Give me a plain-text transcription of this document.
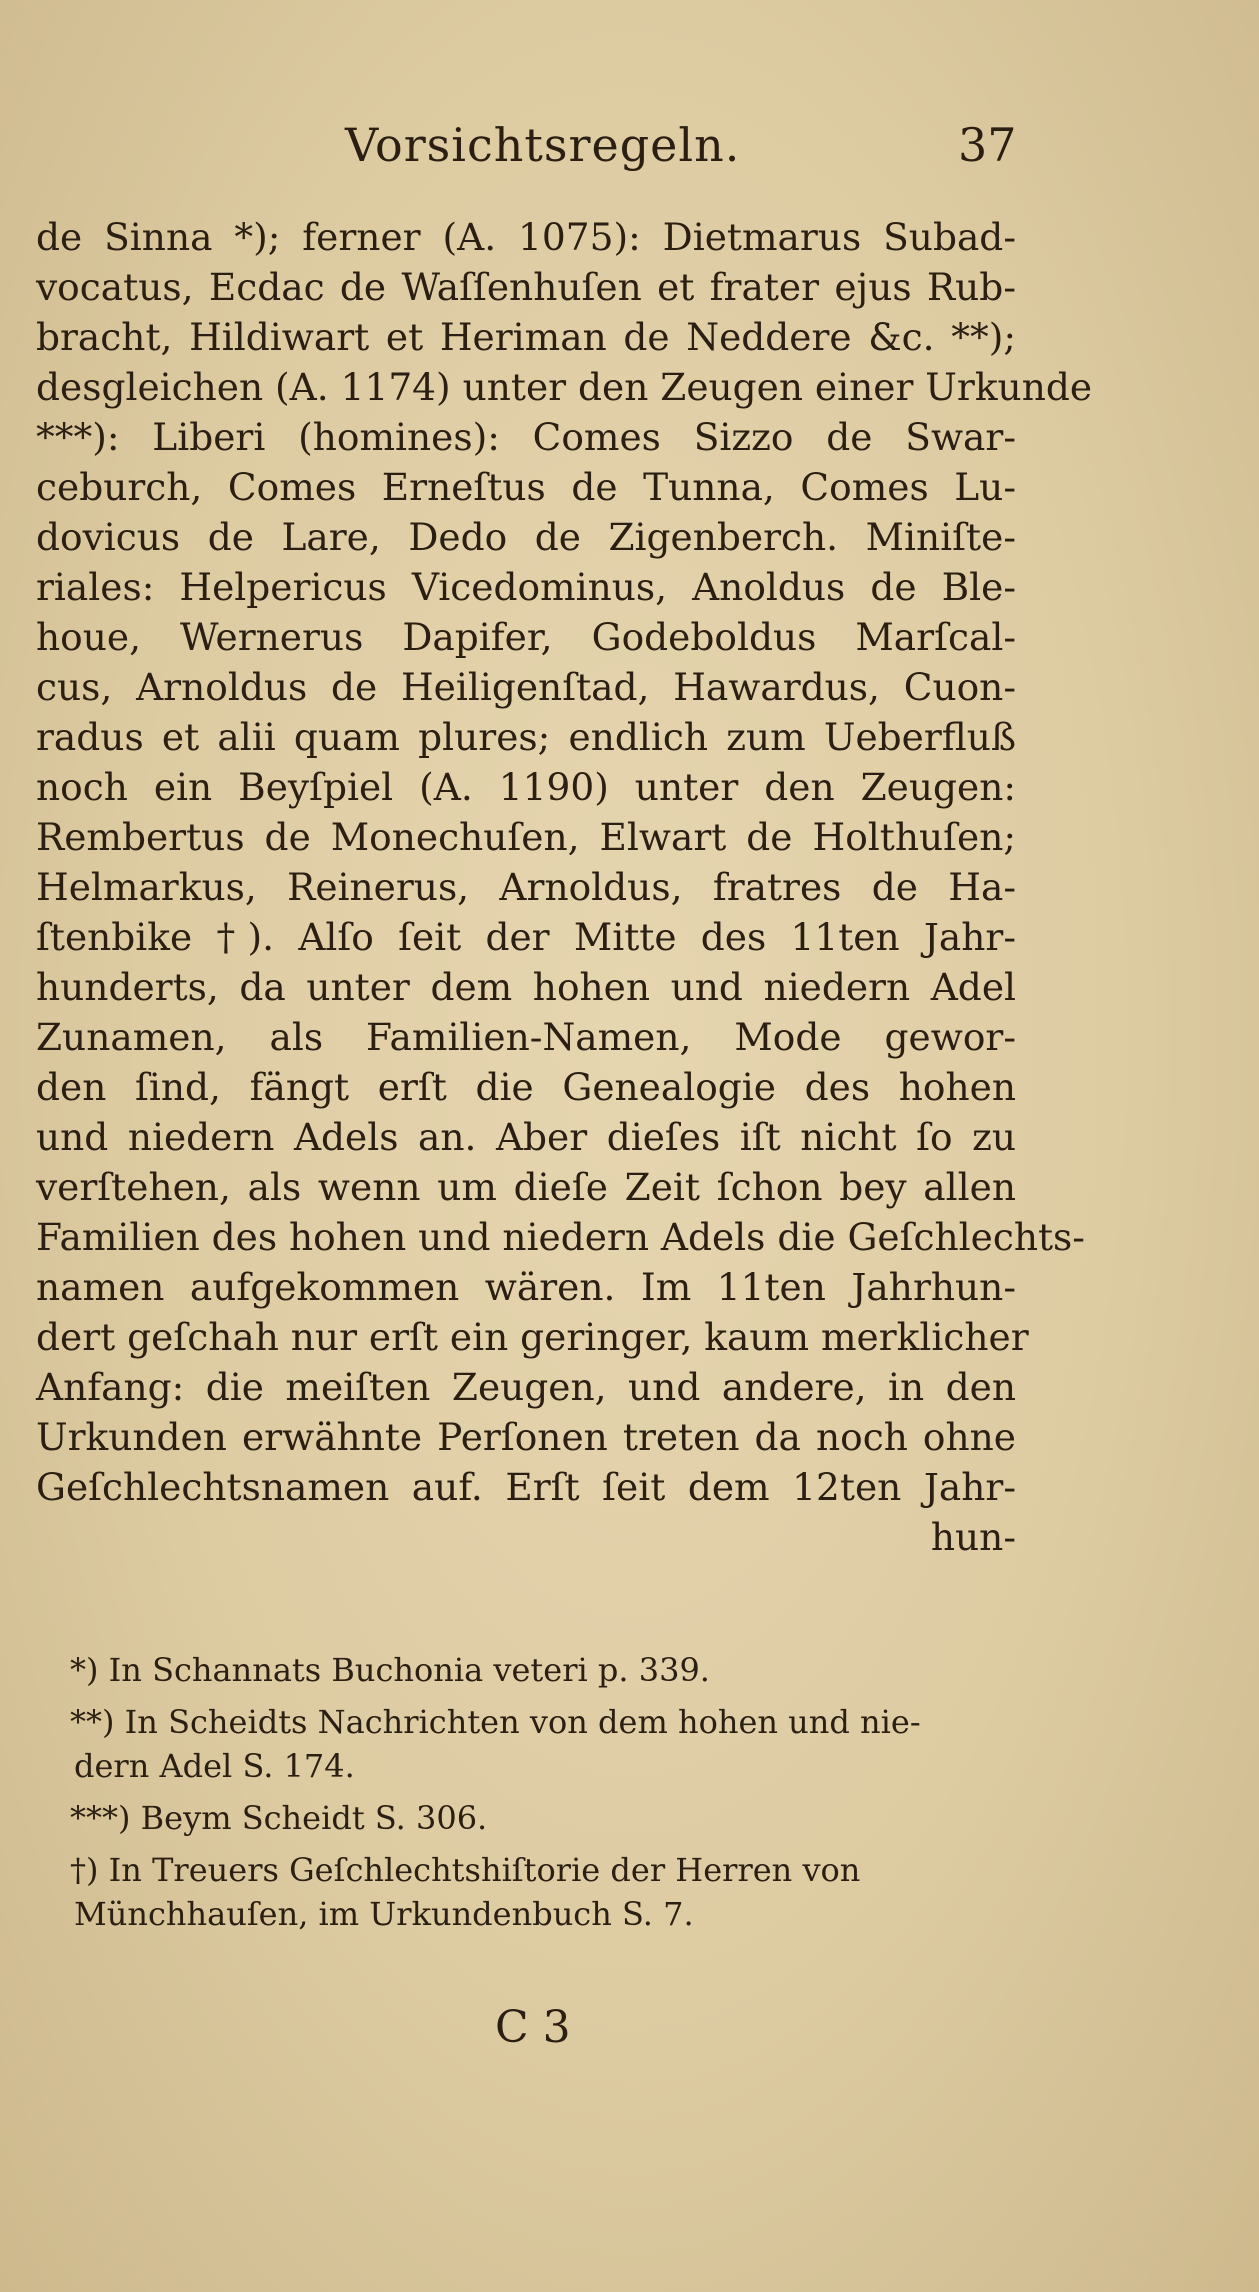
Vorsichtsregeln.	37
de Sinna *); ferner (A. 1075): Dietmarus Subad-
vocatus, Ecdac de Waſſenhuſen et frater ejus Rub-
bracht, Hildiwart et Heriman de Neddere &c. **);
desgleichen (A. 1174) unter den Zeugen einer Urkunde
***): Liberi (homines): Comes Sizzo de Swar-
ceburch, Comes Erneſtus de Tunna, Comes Lu-
dovicus de Lare, Dedo de Zigenberch. Miniſte-
riales: Helpericus Vicedominus, Anoldus de Ble-
houe, Wernerus Dapifer, Godeboldus Marſcal-
cus, Arnoldus de Heiligenſtad, Hawardus, Cuon-
radus et alii quam plures; endlich zum Ueberfluß
noch ein Beyſpiel (A. 1190) unter den Zeugen:
Rembertus de Monechuſen, Elwart de Holthuſen;
Helmarkus, Reinerus, Arnoldus, fratres de Ha-
ſtenbike †). Alſo ſeit der Mitte des 11ten Jahr-
hunderts, da unter dem hohen und niedern Adel
Zunamen, als Familien-Namen, Mode gewor-
den ſind, fängt erſt die Genealogie des hohen
und niedern Adels an. Aber dieſes iſt nicht ſo zu
verſtehen, als wenn um dieſe Zeit ſchon bey allen
Familien des hohen und niedern Adels die Geſchlechts-
namen aufgekommen wären. Im 11ten Jahrhun-
dert geſchah nur erſt ein geringer, kaum merklicher
Anfang: die meiſten Zeugen, und andere, in den
Urkunden erwähnte Perſonen treten da noch ohne
Geſchlechtsnamen auf. Erſt ſeit dem 12ten Jahr-
hun-
*) In Schannats Buchonia veteri p. 339.
**) In Scheidts Nachrichten von dem hohen und nie-
dern Adel S. 174.
***) Beym Scheidt S. 306.
†) In Treuers Geſchlechtshiſtorie der Herren von
Münchhauſen, im Urkundenbuch S. 7.
C 3
